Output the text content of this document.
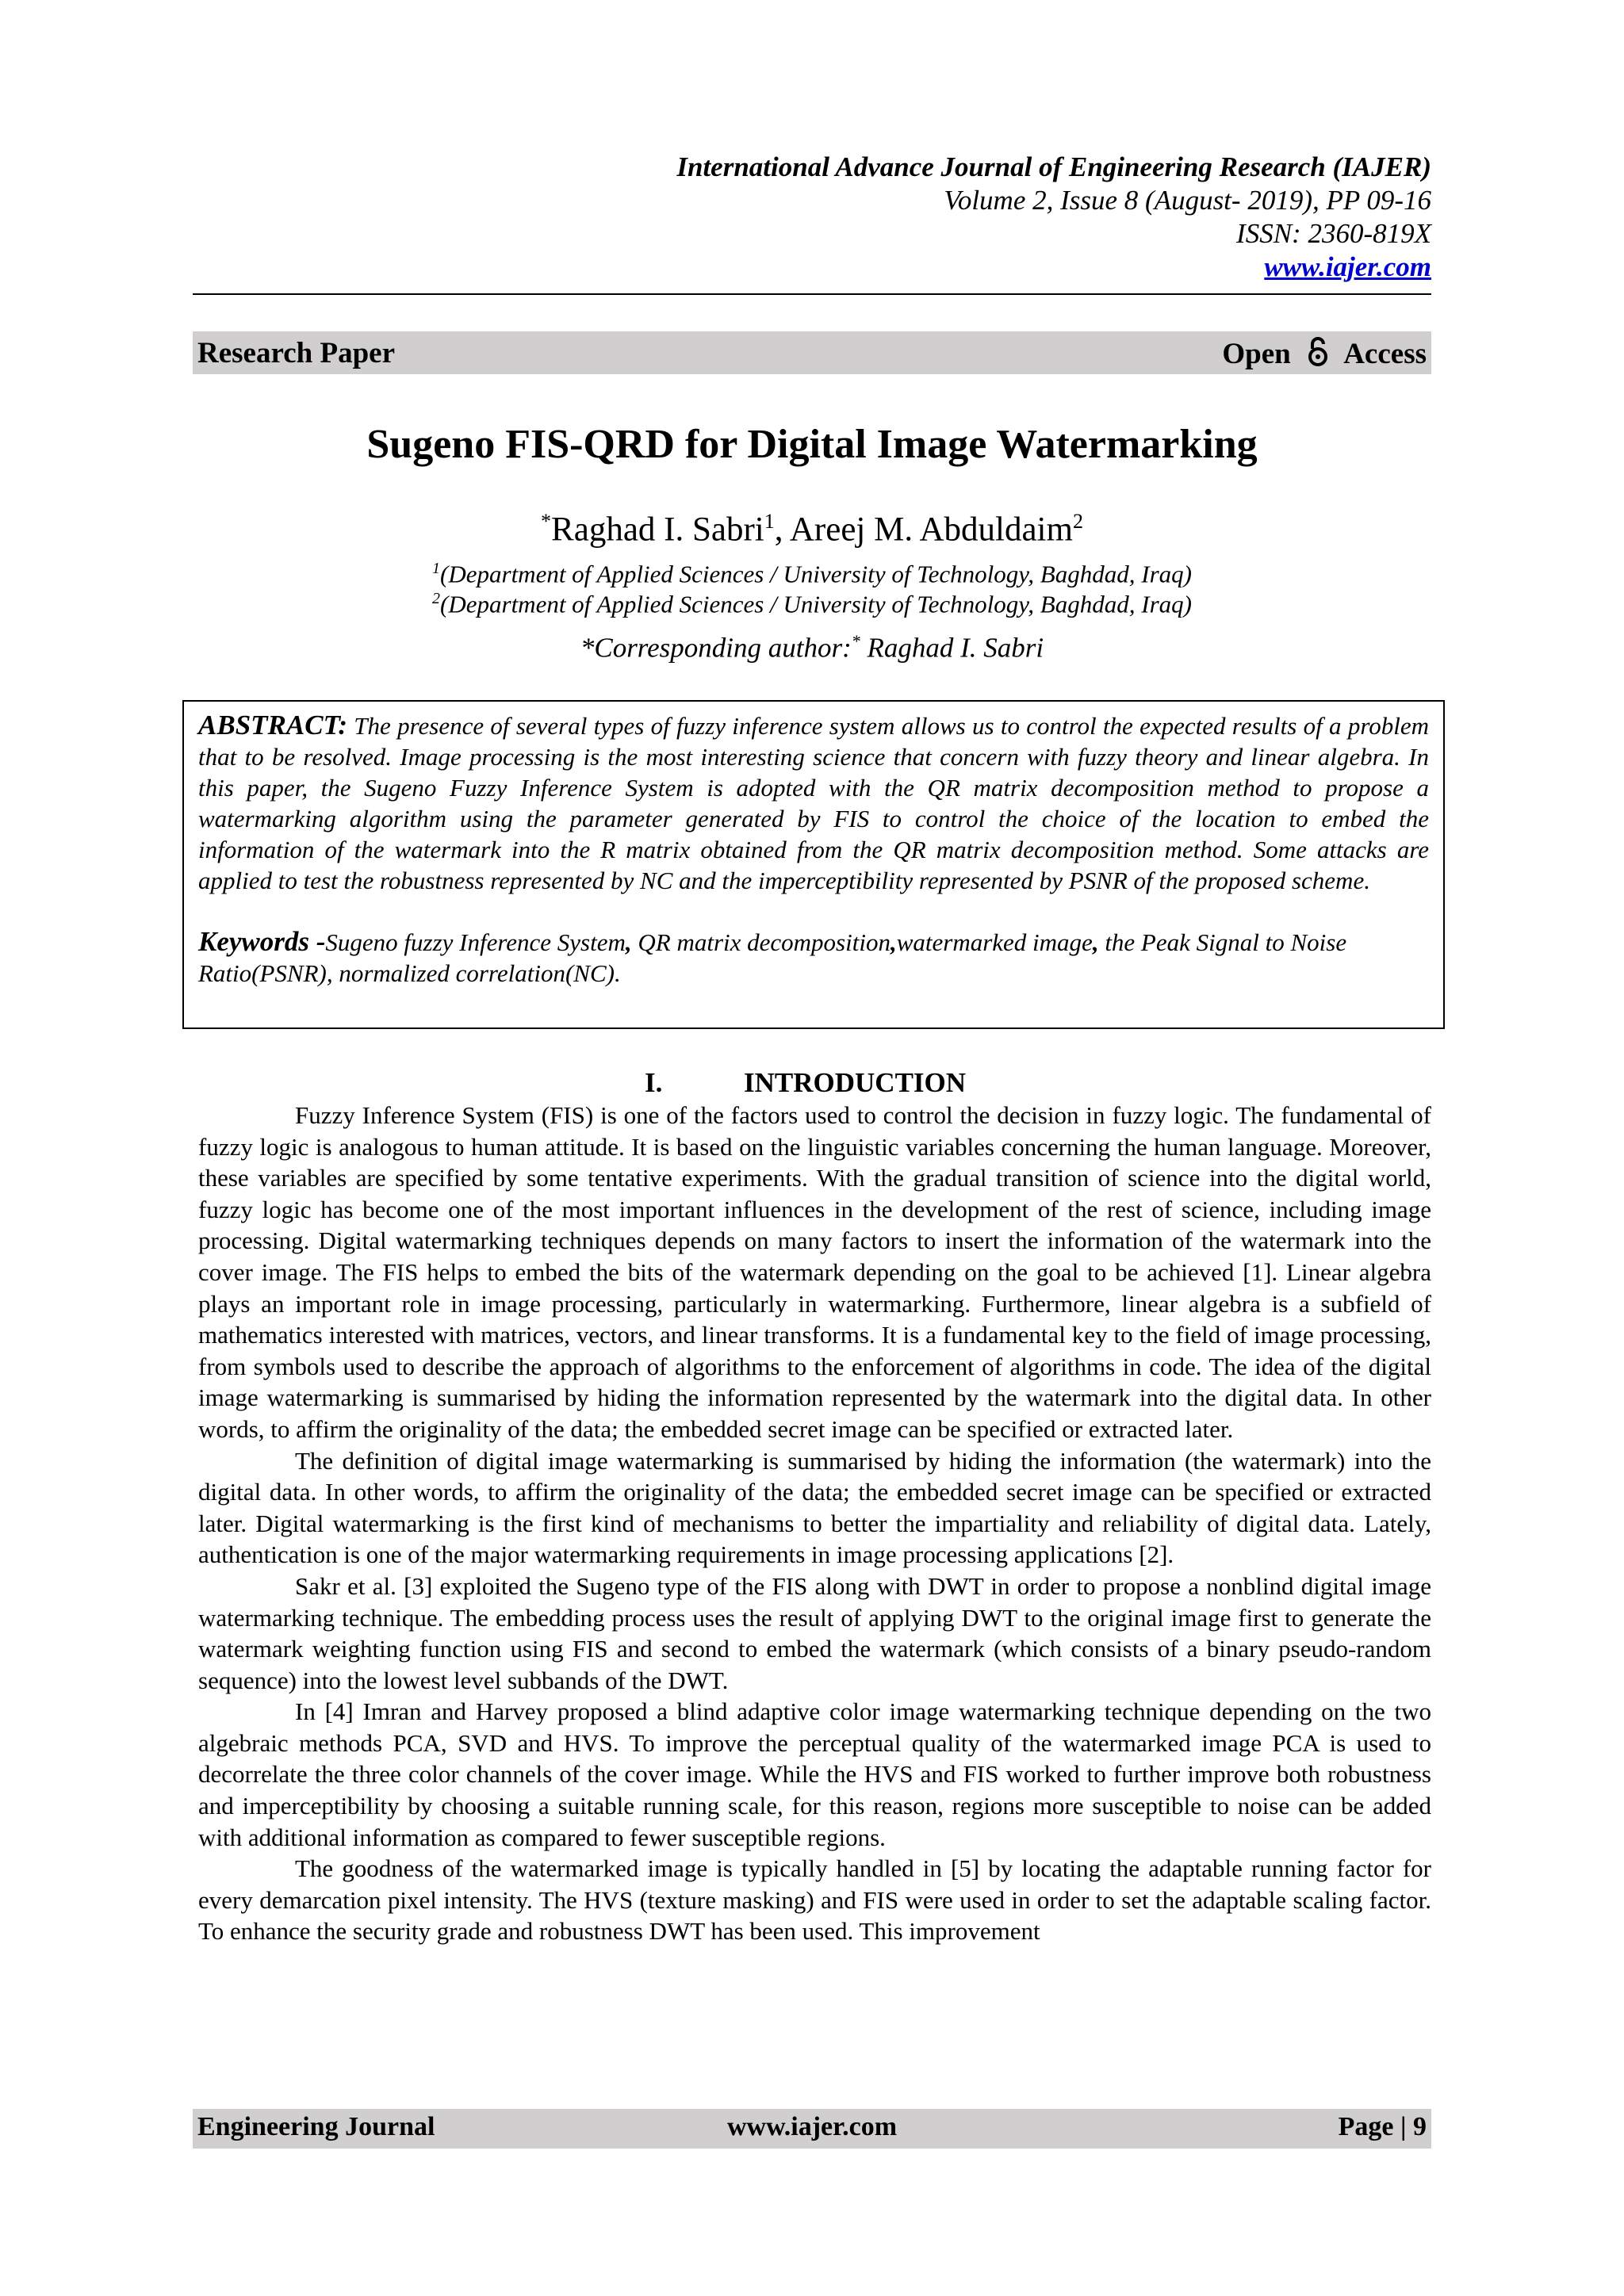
International Advance Journal of Engineering Research (IAJER)
Volume 2, Issue 8 (August- 2019), PP 09-16
ISSN: 2360-819X
www.iajer.com
Research Paper	Open Access
Sugeno FIS-QRD for Digital Image Watermarking
*Raghad I. Sabri$^1$, Areej M. Abduldaim$^2$
$^1$(Department of Applied Sciences / University of Technology, Baghdad, Iraq)
$^2$(Department of Applied Sciences / University of Technology, Baghdad, Iraq)
*Corresponding author:* Raghad I. Sabri
ABSTRACT: The presence of several types of fuzzy inference system allows us to control the expected results of a problem that to be resolved. Image processing is the most interesting science that concern with fuzzy theory and linear algebra. In this paper, the Sugeno Fuzzy Inference System is adopted with the QR matrix decomposition method to propose a watermarking algorithm using the parameter generated by FIS to control the choice of the location to embed the information of the watermark into the R matrix obtained from the QR matrix decomposition method. Some attacks are applied to test the robustness represented by NC and the imperceptibility represented by PSNR of the proposed scheme.
Keywords -Sugeno fuzzy Inference System, QR matrix decomposition,watermarked image, the Peak Signal to Noise Ratio(PSNR), normalized correlation(NC).
I.	INTRODUCTION

Fuzzy Inference System (FIS) is one of the factors used to control the decision in fuzzy logic. The fundamental of fuzzy logic is analogous to human attitude. It is based on the linguistic variables concerning the human language. Moreover, these variables are specified by some tentative experiments. With the gradual transition of science into the digital world, fuzzy logic has become one of the most important influences in the development of the rest of science, including image processing. Digital watermarking techniques depends on many factors to insert the information of the watermark into the cover image. The FIS helps to embed the bits of the watermark depending on the goal to be achieved [1]. Linear algebra plays an important role in image processing, particularly in watermarking. Furthermore, linear algebra is a subfield of mathematics interested with matrices, vectors, and linear transforms. It is a fundamental key to the field of image processing, from symbols used to describe the approach of algorithms to the enforcement of algorithms in code. The idea of the digital image watermarking is summarised by hiding the information represented by the watermark into the digital data. In other words, to affirm the originality of the data; the embedded secret image can be specified or extracted later.

The definition of digital image watermarking is summarised by hiding the information (the watermark) into the digital data. In other words, to affirm the originality of the data; the embedded secret image can be specified or extracted later. Digital watermarking is the first kind of mechanisms to better the impartiality and reliability of digital data. Lately, authentication is one of the major watermarking requirements in image processing applications [2].

Sakr et al. [3] exploited the Sugeno type of the FIS along with DWT in order to propose a nonblind digital image watermarking technique. The embedding process uses the result of applying DWT to the original image first to generate the watermark weighting function using FIS and second to embed the watermark (which consists of a binary pseudo-random sequence) into the lowest level subbands of the DWT.

In [4] Imran and Harvey proposed a blind adaptive color image watermarking technique depending on the two algebraic methods PCA, SVD and HVS. To improve the perceptual quality of the watermarked image PCA is used to decorrelate the three color channels of the cover image. While the HVS and FIS worked to further improve both robustness and imperceptibility by choosing a suitable running scale, for this reason, regions more susceptible to noise can be added with additional information as compared to fewer susceptible regions.

The goodness of the watermarked image is typically handled in [5] by locating the adaptable running factor for every demarcation pixel intensity. The HVS (texture masking) and FIS were used in order to set the adaptable scaling factor. To enhance the security grade and robustness DWT has been used. This improvement

Engineering Journal	www.iajer.com	Page | 9
